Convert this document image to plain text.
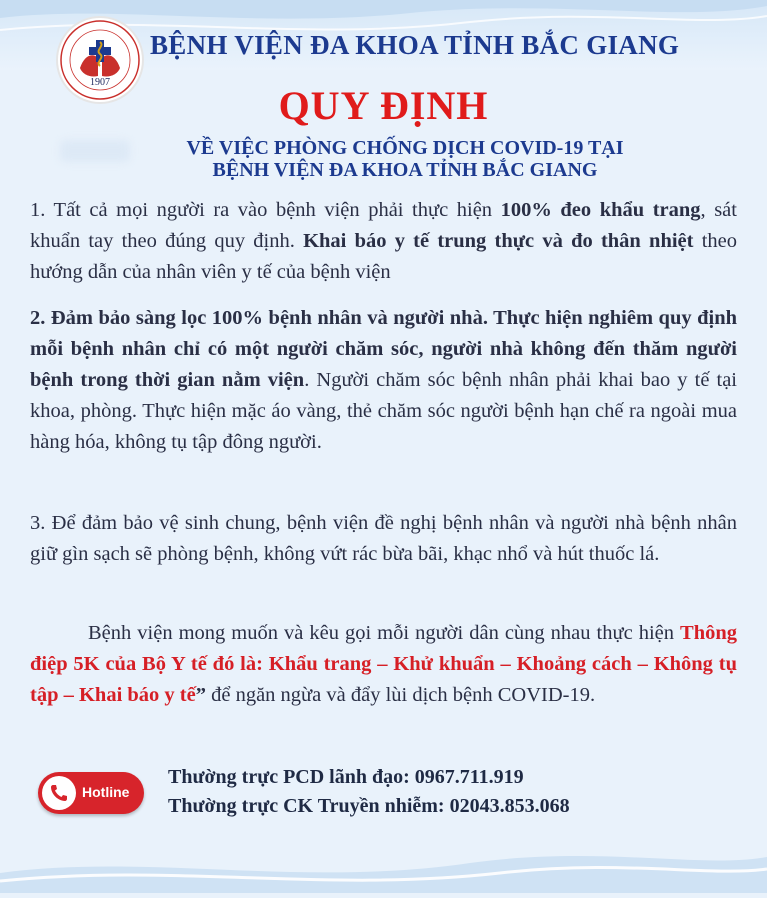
1907
BỆNH VIỆN ĐA KHOA TỈNH BẮC GIANG
QUY ĐỊNH
VỀ VIỆC PHÒNG CHỐNG DỊCH COVID-19 TẠI
BỆNH VIỆN ĐA KHOA TỈNH BẮC GIANG
1. Tất cả mọi người ra vào bệnh viện phải thực hiện 100% đeo khẩu trang, sát khuẩn tay theo đúng quy định. Khai báo y tế trung thực và đo thân nhiệt theo hướng dẫn của nhân viên y tế của bệnh viện
2. Đảm bảo sàng lọc 100% bệnh nhân và người nhà. Thực hiện nghiêm quy định mỗi bệnh nhân chỉ có một người chăm sóc, người nhà không đến thăm người bệnh trong thời gian nằm viện. Người chăm sóc bệnh nhân phải khai bao y tế tại khoa, phòng. Thực hiện mặc áo vàng, thẻ chăm sóc người bệnh hạn chế ra ngoài mua hàng hóa, không tụ tập đông người.
3. Để đảm bảo vệ sinh chung, bệnh viện đề nghị bệnh nhân và người nhà bệnh nhân giữ gìn sạch sẽ phòng bệnh, không vứt rác bừa bãi, khạc nhổ và hút thuốc lá.
Bệnh viện mong muốn và kêu gọi mỗi người dân cùng nhau thực hiện Thông điệp 5K của Bộ Y tế đó là: Khẩu trang – Khử khuẩn – Khoảng cách – Không tụ tập – Khai báo y tế” để ngăn ngừa và đẩy lùi dịch bệnh COVID-19.
Hotline
Thường trực PCD lãnh đạo: 0967.711.919
Thường trực CK Truyền nhiễm: 02043.853.068
